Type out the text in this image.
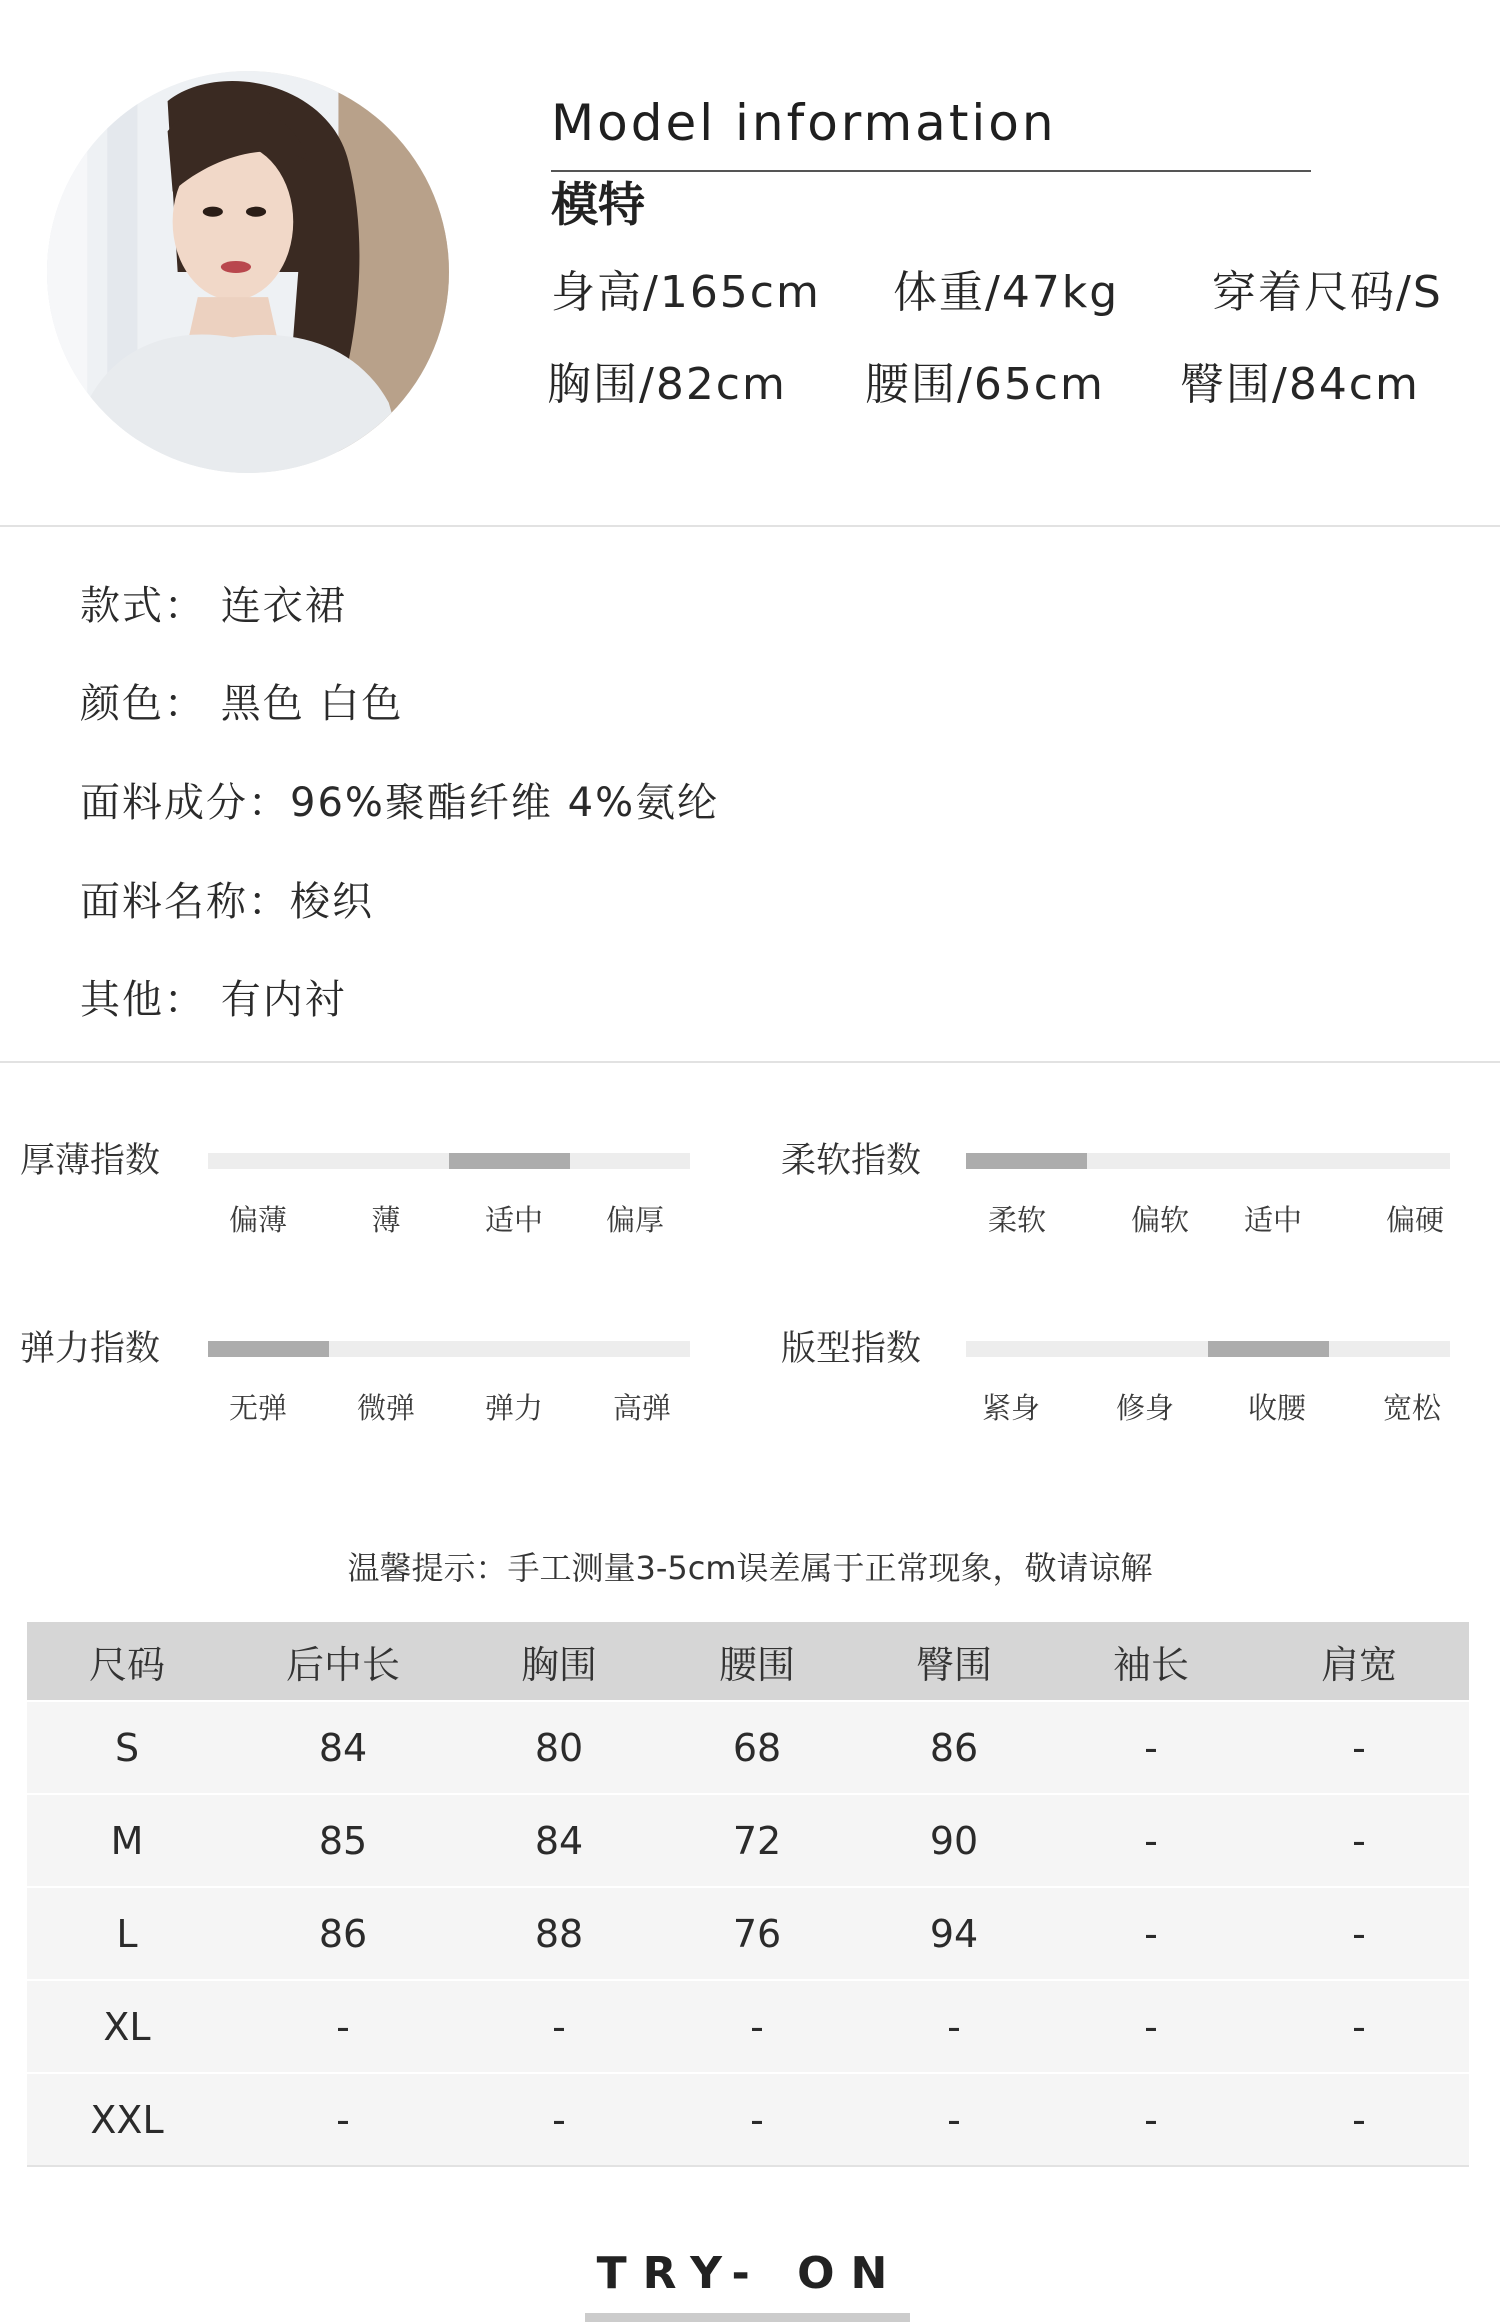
Model information
模特
身高/165cm 体重/47kg 穿着尺码/S
胸围/82cm 腰围/65cm 臀围/84cm
款式： 连衣裙
颜色： 黑色 白色
面料成分：96%聚酯纤维 4%氨纶
面料名称：梭织
其他： 有内衬
厚薄指数
偏薄	薄	适中 偏厚
柔软指数
柔软	偏软 适中	偏硬
弹力指数
无弹 微弹 弹力 高弹
版型指数
紧身	修身	收腰	宽松
温馨提示：手工测量3-5cm误差属于正常现象，敬请谅解
尺码	后中长	胸围	腰围	臀围	袖长	肩宽
S	84	80	68	86	-	-
M	85	84	72	90	-	-
L	86	88	76	94	-	-
XL	-	-	-	-	-	-
XXL	-	-	-	-	-	-
TRY- ON
